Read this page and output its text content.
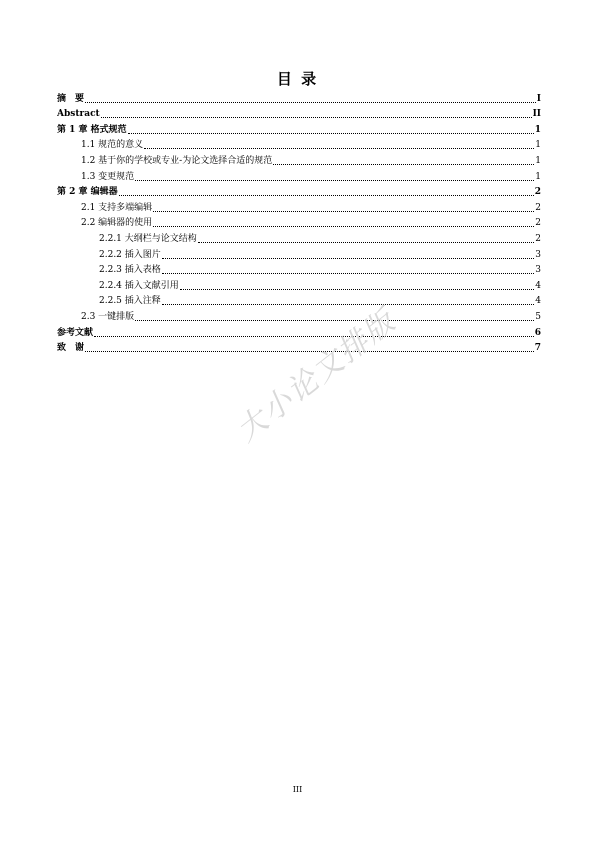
目 录
摘　要	I
Abstract	II
第 1 章 格式规范	1
1.1 规范的意义	1
1.2 基于你的学校或专业-为论文选择合适的规范	1
1.3 变更规范	1
第 2 章 编辑器	2
2.1 支持多端编辑	2
2.2 编辑器的使用	2
2.2.1 大纲栏与论文结构	2
2.2.2 插入图片	3
2.2.3 插入表格	3
2.2.4 插入文献引用	4
2.2.5 插入注释	4
2.3 一键排版	5
参考文献	6
致　谢	7
大小论文排版
III
